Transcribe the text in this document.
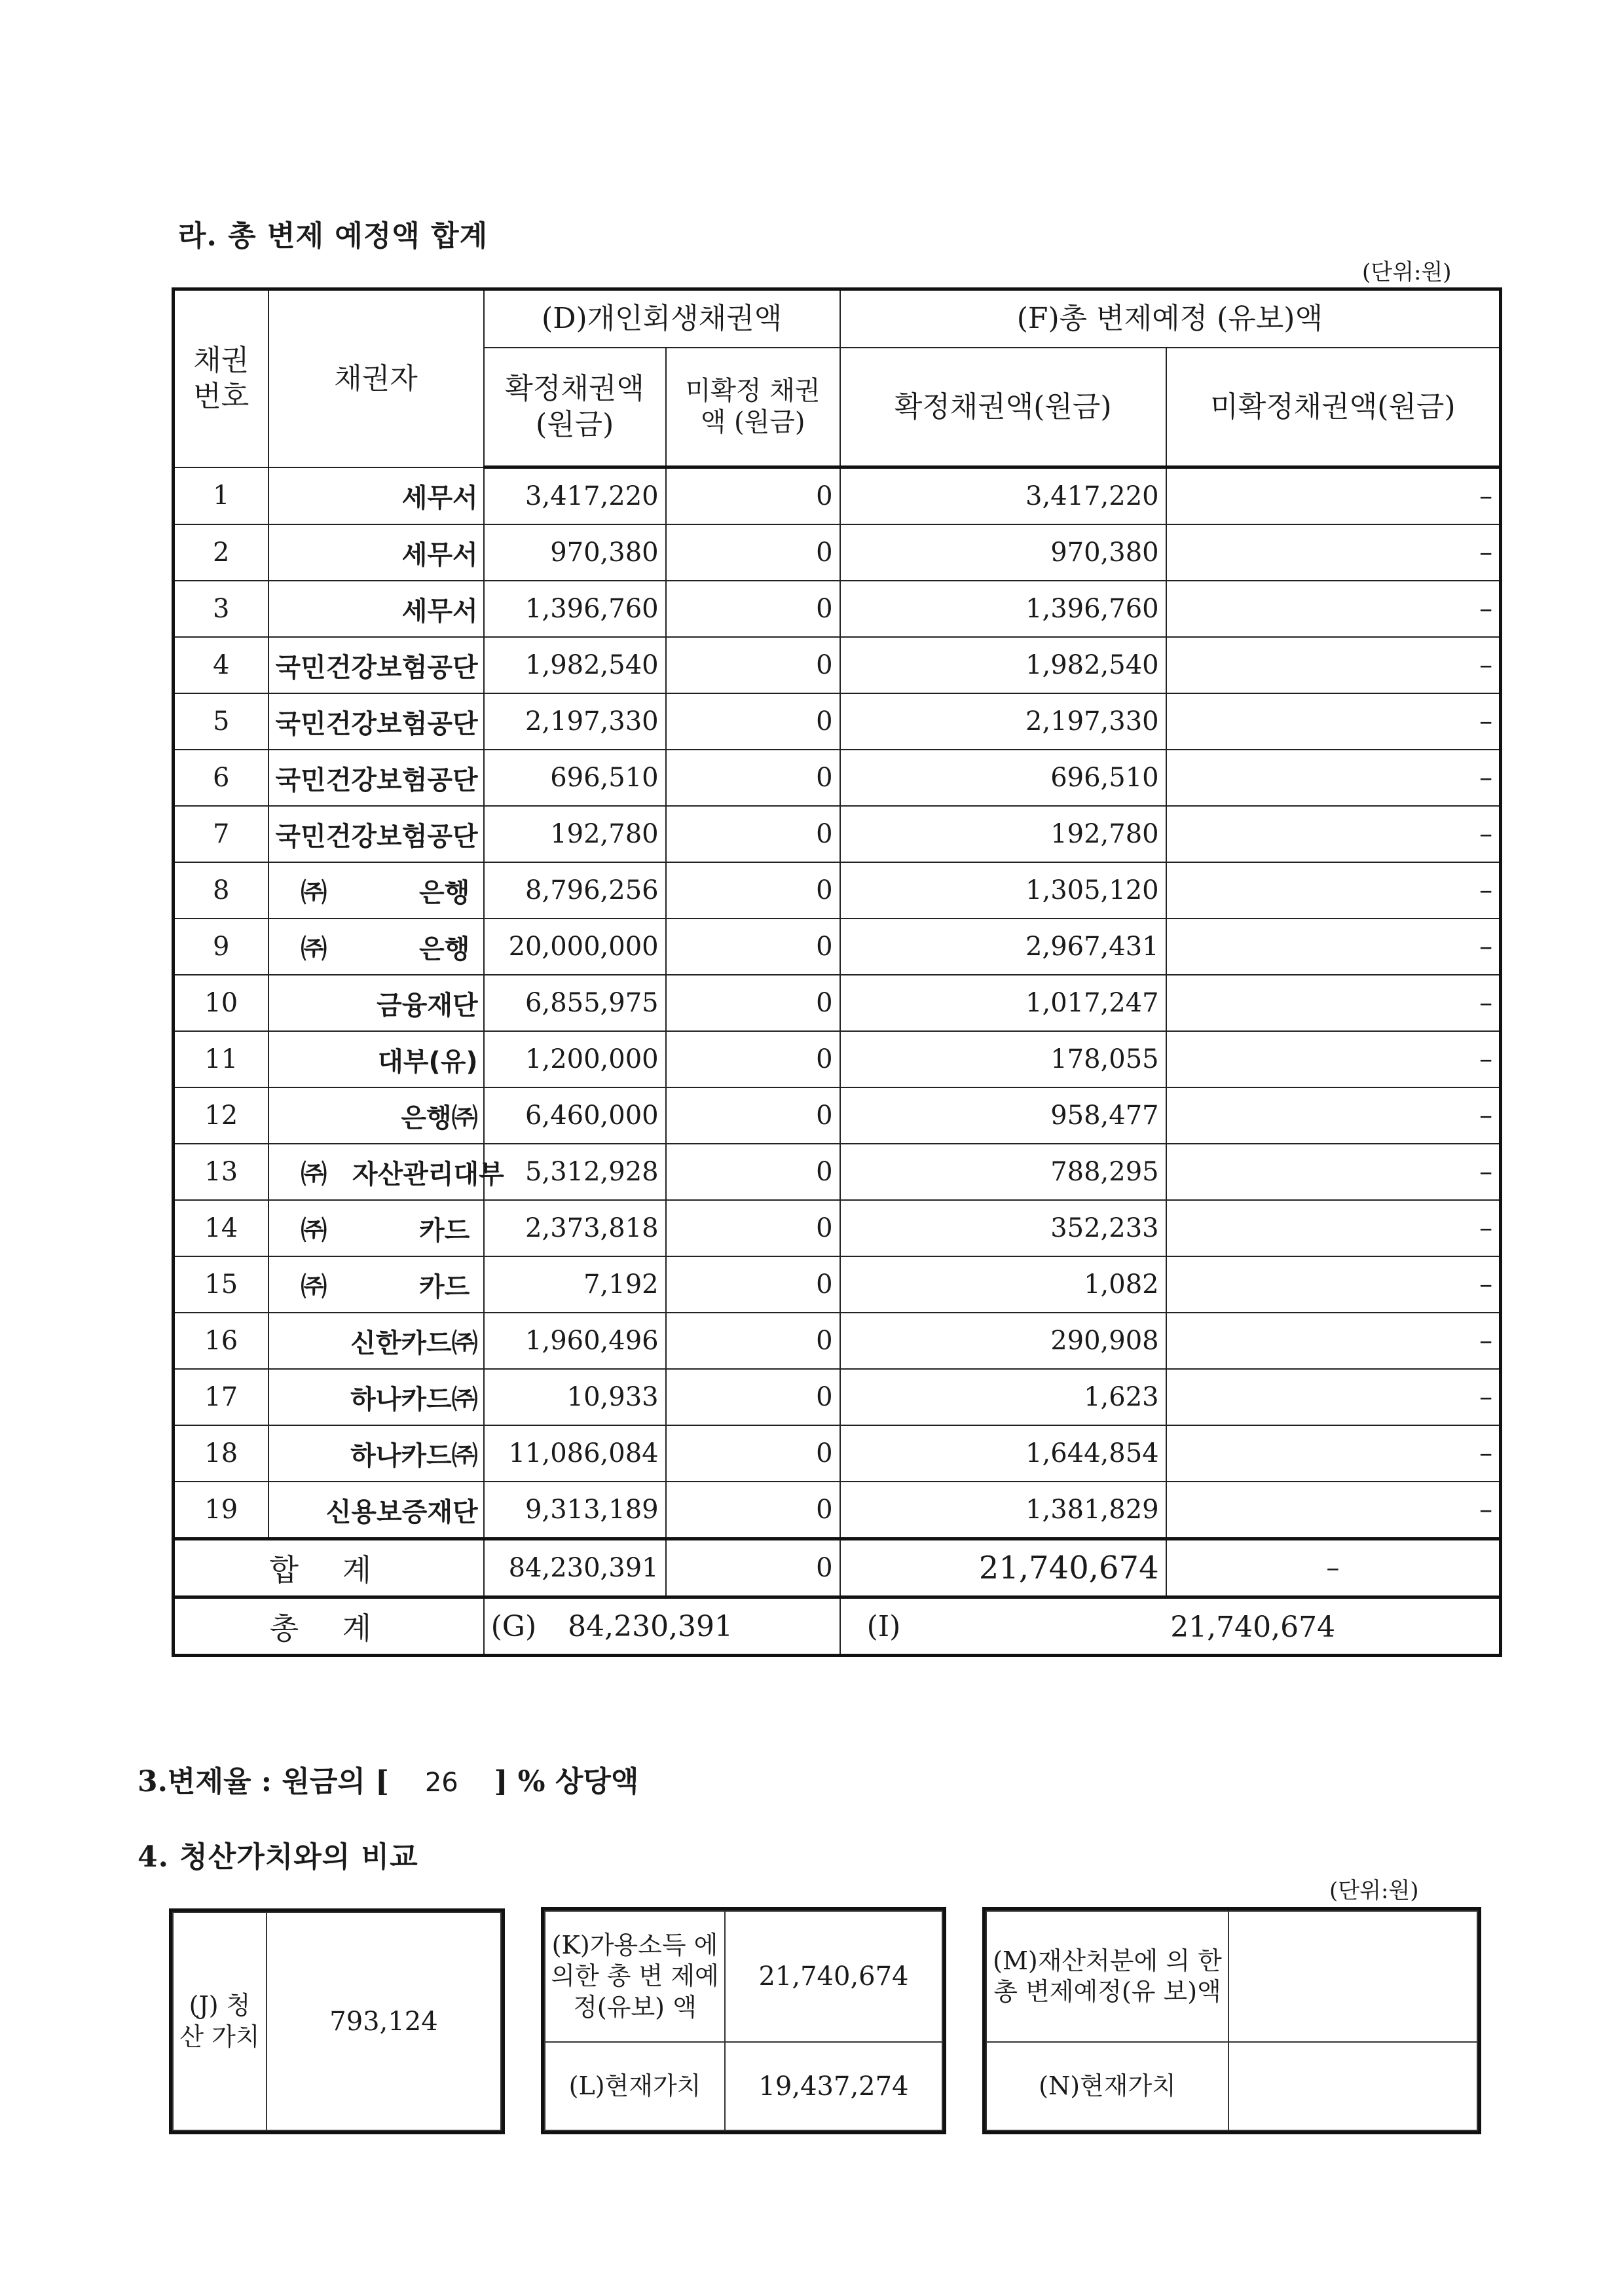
라. 총 변제 예정액 합계
(단위:원)
채권 번호	채권자	(D)개인회생채권액		(F)총 변제예정 (유보)액	
		확정채권액 (원금)	미확정 채권액 (원금)	확정채권액(원금)	미확정채권액(원금)
1	세무서	3,417,220	0	3,417,220	–
2	세무서	970,380	0	970,380	–
3	세무서	1,396,760	0	1,396,760	–
4	국민건강보험공단	1,982,540	0	1,982,540	–
5	국민건강보험공단	2,197,330	0	2,197,330	–
6	국민건강보험공단	696,510	0	696,510	–
7	국민건강보험공단	192,780	0	192,780	–
8	㈜ 은행	8,796,256	0	1,305,120	–
9	㈜ 은행	20,000,000	0	2,967,431	–
10	금융재단	6,855,975	0	1,017,247	–
11	대부(유)	1,200,000	0	178,055	–
12	은행㈜	6,460,000	0	958,477	–
13	㈜ 자산관리대부	5,312,928	0	788,295	–
14	㈜ 카드	2,373,818	0	352,233	–
15	㈜ 카드	7,192	0	1,082	–
16	신한카드㈜	1,960,496	0	290,908	–
17	하나카드㈜	10,933	0	1,623	–
18	하나카드㈜	11,086,084	0	1,644,854	–
19	신용보증재단	9,313,189	0	1,381,829	–
합 계		84,230,391	0	21,740,674	–
총 계		(G) 84,230,391		(I) 21,740,674	
3.변제율 : 원금의 [ 26 ] % 상당액
4. 청산가치와의 비교
(단위:원)
(J) 청산 가치	793,124
(K)가용소득 에 의한 총 변 제예정(유보) 액	21,740,674
(L)현재가치	19,437,274
(M)재산처분에 의 한 총 변제예정(유 보)액	
(N)현재가치	
